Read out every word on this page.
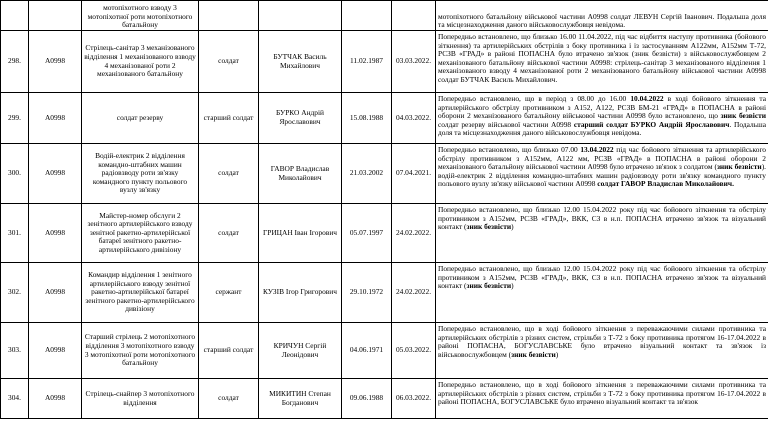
		мотопіхотного взводу 3 мотопіхотної роти мотопіхотного батальйону					мотопіхотного батальйону військової частини А0998 солдат ЛЕВУН Сергій Іванович. Подальша доля та місцезнаходження даного військовослужбовця невідома.
298.	А0998	Стрілець-санітар 3 механізованого відділення 1 механізованого взводу 4 механізованої роти 2 механізованого батальйону	солдат	БУТЧАК Василь Михайлович	11.02.1987	03.03.2022.	Попередньо встановлено, що близько 16.00 11.04.2022, під час відбиття наступу противника (бойового зіткнення) та артилерійських обстрілів з боку противника і із застосуванням А122мм, А152мм Т-72, РСЗВ «ГРАД» в районі ПОПАСНА було втрачено зв'язок (зник безвісти) з військовослужбовцем 2 механізованого батальйону військової частини А0998: стрілець-санітар 3 механізованого відділення 1 механізованого взводу 4 механізованої роти 2 механізованого батальйону військової частини А0998 солдат БУТЧАК Василь Михайлович.
299.	А0998	солдат резерву	старший солдат	БУРКО Андрій Ярославович	15.08.1988	04.03.2022.	Попередньо встановлено, що в період з 08.00 до 16.00 10.04.2022 в ході бойового зіткнення та артилерійського обстрілу противником з А152, А122, РСЗВ БМ-21 «ГРАД» в ПОПАСНА в районі оборони 2 механізованого батальйону військової частини А0998 було встановлено, що зник безвісти солдат резерву військової частини А0998 старший солдат БУРКО Андрій Ярославович. Подальша доля та місцезнаходження даного військовослужбовця невідома.
300.	А0998	Водій-електрик 2 відділення командно-штабних машин радіовзводу роти зв'язку командного пункту польового вузлу зв'язку	солдат	ГАВОР Владислав Миколайович	21.03.2002	07.04.2021.	Попередньо встановлено, що близько 07.00 13.04.2022 під час бойового зіткнення та артилерійського обстрілу противником з А152мм, А122 мм, РСЗВ «ГРАД» в ПОПАСНА в районі оборони 2 механізованого батальйону військової частини А0998 було втрачено зв'язок з солдатом (зник безвісти). водій-електрик 2 відділення командно-штабних машин радіовзводу роти зв'язку командного пункту польового вузлу зв'язку військової частини А0998 солдат ГАВОР Владислав Миколайович.
301.	А0998	Майстер-номер обслуги 2 зенітного артилерійського взводу зенітної ракетно-артилерійської батареї зенітного ракетно-артилерійського дивізіону	солдат	ГРИЦАН Іван Ігорович	05.07.1997	24.02.2022.	Попередньо встановлено, що близько 12.00 15.04.2022 року під час бойового зіткнення та обстрілу противником з А152мм, РСЗВ «ГРАД», ВКК, СЗ в н.п. ПОПАСНА втрачено зв'язок та візуальний контакт (зник безвісти)
302.	А0998	Командир відділення 1 зенітного артилерійського взводу зенітної ракетно-артилерійської батареї зенітного ракетно-артилерійського дивізіону	сержант	КУЗІВ Ігор Григорович	29.10.1972	24.02.2022.	Попередньо встановлено, що близько 12.00 15.04.2022 року під час бойового зіткнення та обстрілу противником з А152мм, РСЗВ «ГРАД», ВКК, СЗ в н.п. ПОПАСНА втрачено зв'язок та візуальний контакт (зник безвісти)
303.	А0998	Старший стрілець 2 мотопіхотного відділення 3 мотопіхотного взводу 3 мотопіхотної роти мотопіхотного батальйону	старший солдат	КРИЧУН Сергій Леонідович	04.06.1971	05.03.2022.	Попередньо встановлено, що в ході бойового зіткнення з переважаючими силами противника та артилерійських обстрілів з різних систем, стрільби з Т-72 з боку противника протягом 16-17.04.2022 в районі ПОПАСНА, БОГУСЛАВСЬКЕ було втрачено візуальний контакт та зв'язок із військовослужбовцем (зник безвісти)
304.	А0998	Стрілець-снайпер 3 мотопіхотного відділення	солдат	МИКИТИН Степан Богданович	09.06.1988	06.03.2022.	Попередньо встановлено, що в ході бойового зіткнення з переважаючими силами противника та артилерійських обстрілів з різних систем, стрільби з Т-72 з боку противника протягом 16-17.04.2022 в районі ПОПАСНА, БОГУСЛАВСЬКЕ було втрачено візуальний контакт та зв'язок
